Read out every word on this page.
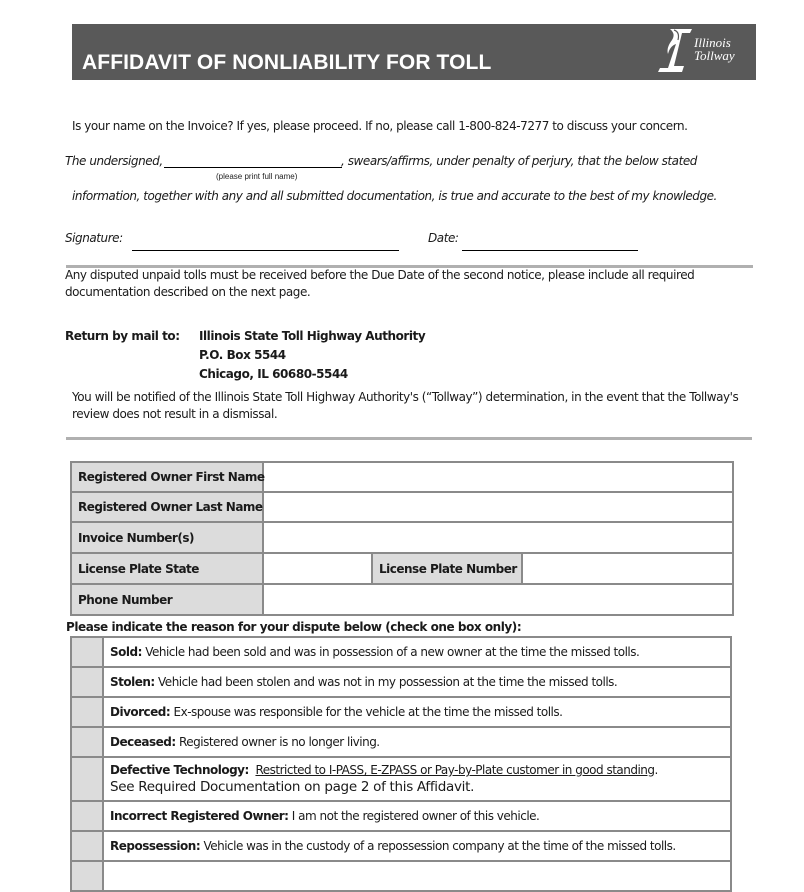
AFFIDAVIT OF NONLIABILITY FOR TOLL
Illinois
Tollway
Is your name on the Invoice? If yes, please proceed. If no, please call 1-800-824-7277 to discuss your concern.
The undersigned,	, swears/affirms, under penalty of perjury, that the below stated
(please print full name)
information, together with any and all submitted documentation, is true and accurate to the best of my knowledge.
Signature:	Date:
Any disputed unpaid tolls must be received before the Due Date of the second notice, please include all required
documentation described on the next page.
Return by mail to: Illinois State Toll Highway Authority
P.O. Box 5544
Chicago, IL 60680-5544
You will be notified of the Illinois State Toll Highway Authority's (“Tollway”) determination, in the event that the Tollway's
review does not result in a dismissal.
Registered Owner First Name			
Registered Owner Last Name			
Invoice Number(s)			
License Plate State		License Plate Number	
Phone Number			
Please indicate the reason for your dispute below (check one box only):
	Sold: Vehicle had been sold and was in possession of a new owner at the time the missed tolls.
	Stolen: Vehicle had been stolen and was not in my possession at the time the missed tolls.
	Divorced: Ex-spouse was responsible for the vehicle at the time the missed tolls.
	Deceased: Registered owner is no longer living.
	Defective Technology: Restricted to I-PASS, E-ZPASS or Pay-by-Plate customer in good standing.
See Required Documentation on page 2 of this Affidavit.

	Incorrect Registered Owner: I am not the registered owner of this vehicle.
	Repossession: Vehicle was in the custody of a repossession company at the time of the missed tolls.
